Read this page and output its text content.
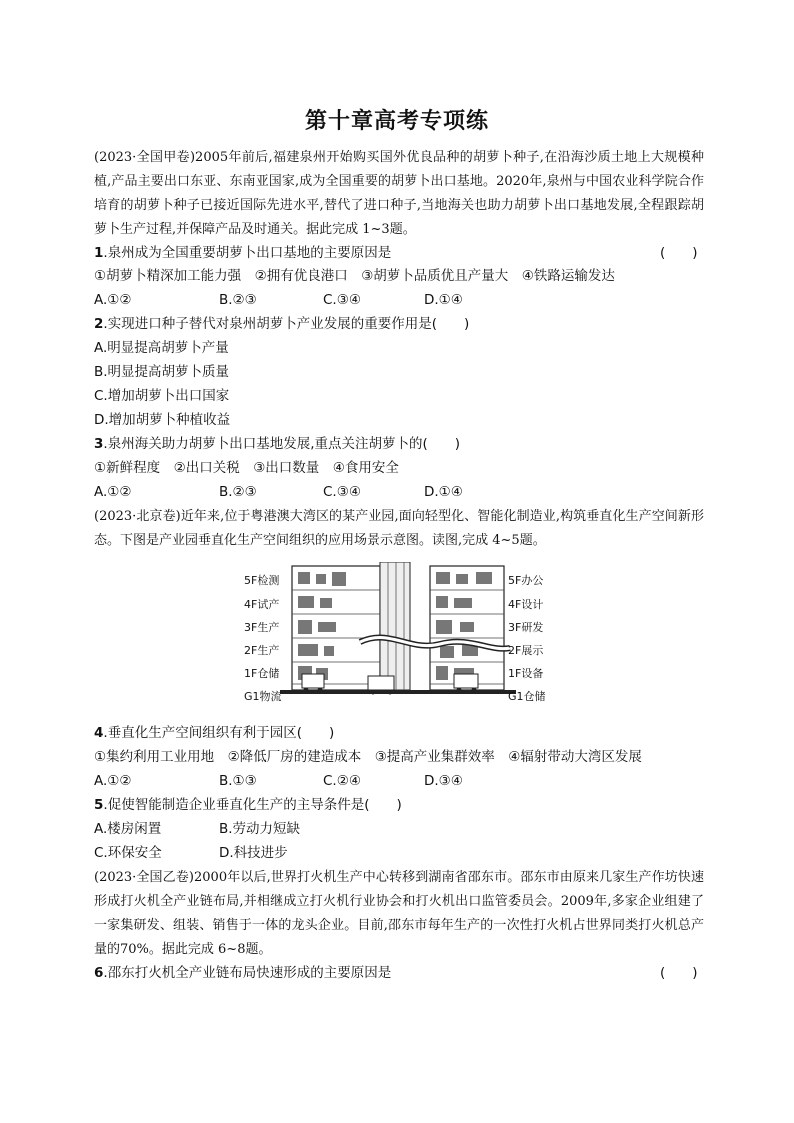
第十章高考专项练
(2023·全国甲卷)2005年前后,福建泉州开始购买国外优良品种的胡萝卜种子,在沿海沙质土地上大规模种植,产品主要出口东亚、东南亚国家,成为全国重要的胡萝卜出口基地。2020年,泉州与中国农业科学院合作培育的胡萝卜种子已接近国际先进水平,替代了进口种子,当地海关也助力胡萝卜出口基地发展,全程跟踪胡萝卜生产过程,并保障产品及时通关。据此完成 1~3题。
1.泉州成为全国重要胡萝卜出口基地的主要原因是	(　　)
①胡萝卜精深加工能力强　②拥有优良港口　③胡萝卜品质优且产量大　④铁路运输发达
A.①②	B.②③	C.③④	D.①④
2.实现进口种子替代对泉州胡萝卜产业发展的重要作用是(　　)
A.明显提高胡萝卜产量
B.明显提高胡萝卜质量
C.增加胡萝卜出口国家
D.增加胡萝卜种植收益
3.泉州海关助力胡萝卜出口基地发展,重点关注胡萝卜的(　　)
①新鲜程度　②出口关税　③出口数量　④食用安全
A.①②	B.②③	C.③④	D.①④
(2023·北京卷)近年来,位于粤港澳大湾区的某产业园,面向轻型化、智能化制造业,构筑垂直化生产空间新形态。下图是产业园垂直化生产空间组织的应用场景示意图。读图,完成 4~5题。
5F检测
4F试产
3F生产
2F生产
1F仓储
G1物流
5F办公
4F设计
3F研发
2F展示
1F设备
G1仓储
4.垂直化生产空间组织有利于园区(　　)
①集约利用工业用地　②降低厂房的建造成本　③提高产业集群效率　④辐射带动大湾区发展
A.①②	B.①③	C.②④	D.③④
5.促使智能制造企业垂直化生产的主导条件是(　　)
A.楼房闲置	B.劳动力短缺
C.环保安全	D.科技进步
(2023·全国乙卷)2000年以后,世界打火机生产中心转移到湖南省邵东市。邵东市由原来几家生产作坊快速形成打火机全产业链布局,并相继成立打火机行业协会和打火机出口监管委员会。2009年,多家企业组建了一家集研发、组装、销售于一体的龙头企业。目前,邵东市每年生产的一次性打火机占世界同类打火机总产量的70%。据此完成 6~8题。
6.邵东打火机全产业链布局快速形成的主要原因是	(　　)
